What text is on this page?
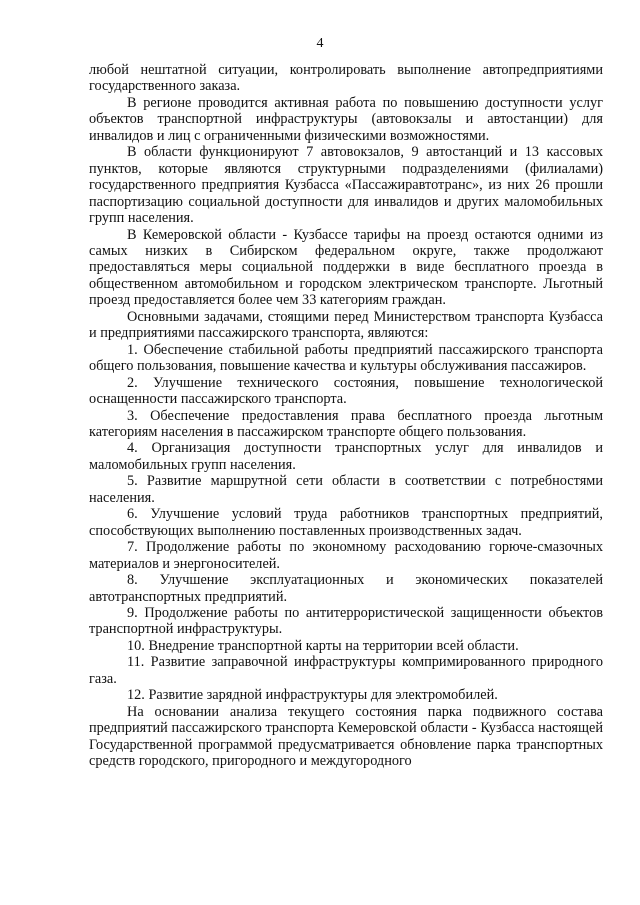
4

любой нештатной ситуации, контролировать выполнение автопредприятиями государственного заказа.

В регионе проводится активная работа по повышению доступности услуг объектов транспортной инфраструктуры (автовокзалы и автостанции) для инвалидов и лиц с ограниченными физическими возможностями.

В области функционируют 7 автовокзалов, 9 автостанций и 13 кассовых пунктов, которые являются структурными подразделениями (филиалами) государственного предприятия Кузбасса «Пассажиравтотранс», из них 26 прошли паспортизацию социальной доступности для инвалидов и других маломобильных групп населения.

В Кемеровской области - Кузбассе тарифы на проезд остаются одними из самых низких в Сибирском федеральном округе, также продолжают предоставляться меры социальной поддержки в виде бесплатного проезда в общественном автомобильном и городском электрическом транспорте. Льготный проезд предоставляется более чем 33 категориям граждан.

Основными задачами, стоящими перед Министерством транспорта Кузбасса и предприятиями пассажирского транспорта, являются:

1. Обеспечение стабильной работы предприятий пассажирского транспорта общего пользования, повышение качества и культуры обслуживания пассажиров.

2. Улучшение технического состояния, повышение технологической оснащенности пассажирского транспорта.

3. Обеспечение предоставления права бесплатного проезда льготным категориям населения в пассажирском транспорте общего пользования.

4. Организация доступности транспортных услуг для инвалидов и маломобильных групп населения.

5. Развитие маршрутной сети области в соответствии с потребностями населения.

6. Улучшение условий труда работников транспортных предприятий, способствующих выполнению поставленных производственных задач.

7. Продолжение работы по экономному расходованию горюче-смазочных материалов и энергоносителей.

8. Улучшение эксплуатационных и экономических показателей автотранспортных предприятий.

9. Продолжение работы по антитеррористической защищенности объектов транспортной инфраструктуры.

10. Внедрение транспортной карты на территории всей области.

11. Развитие заправочной инфраструктуры компримированного природного газа.

12. Развитие зарядной инфраструктуры для электромобилей.

На основании анализа текущего состояния парка подвижного состава предприятий пассажирского транспорта Кемеровской области - Кузбасса настоящей Государственной программой предусматривается обновление парка транспортных средств городского, пригородного и междугородного
